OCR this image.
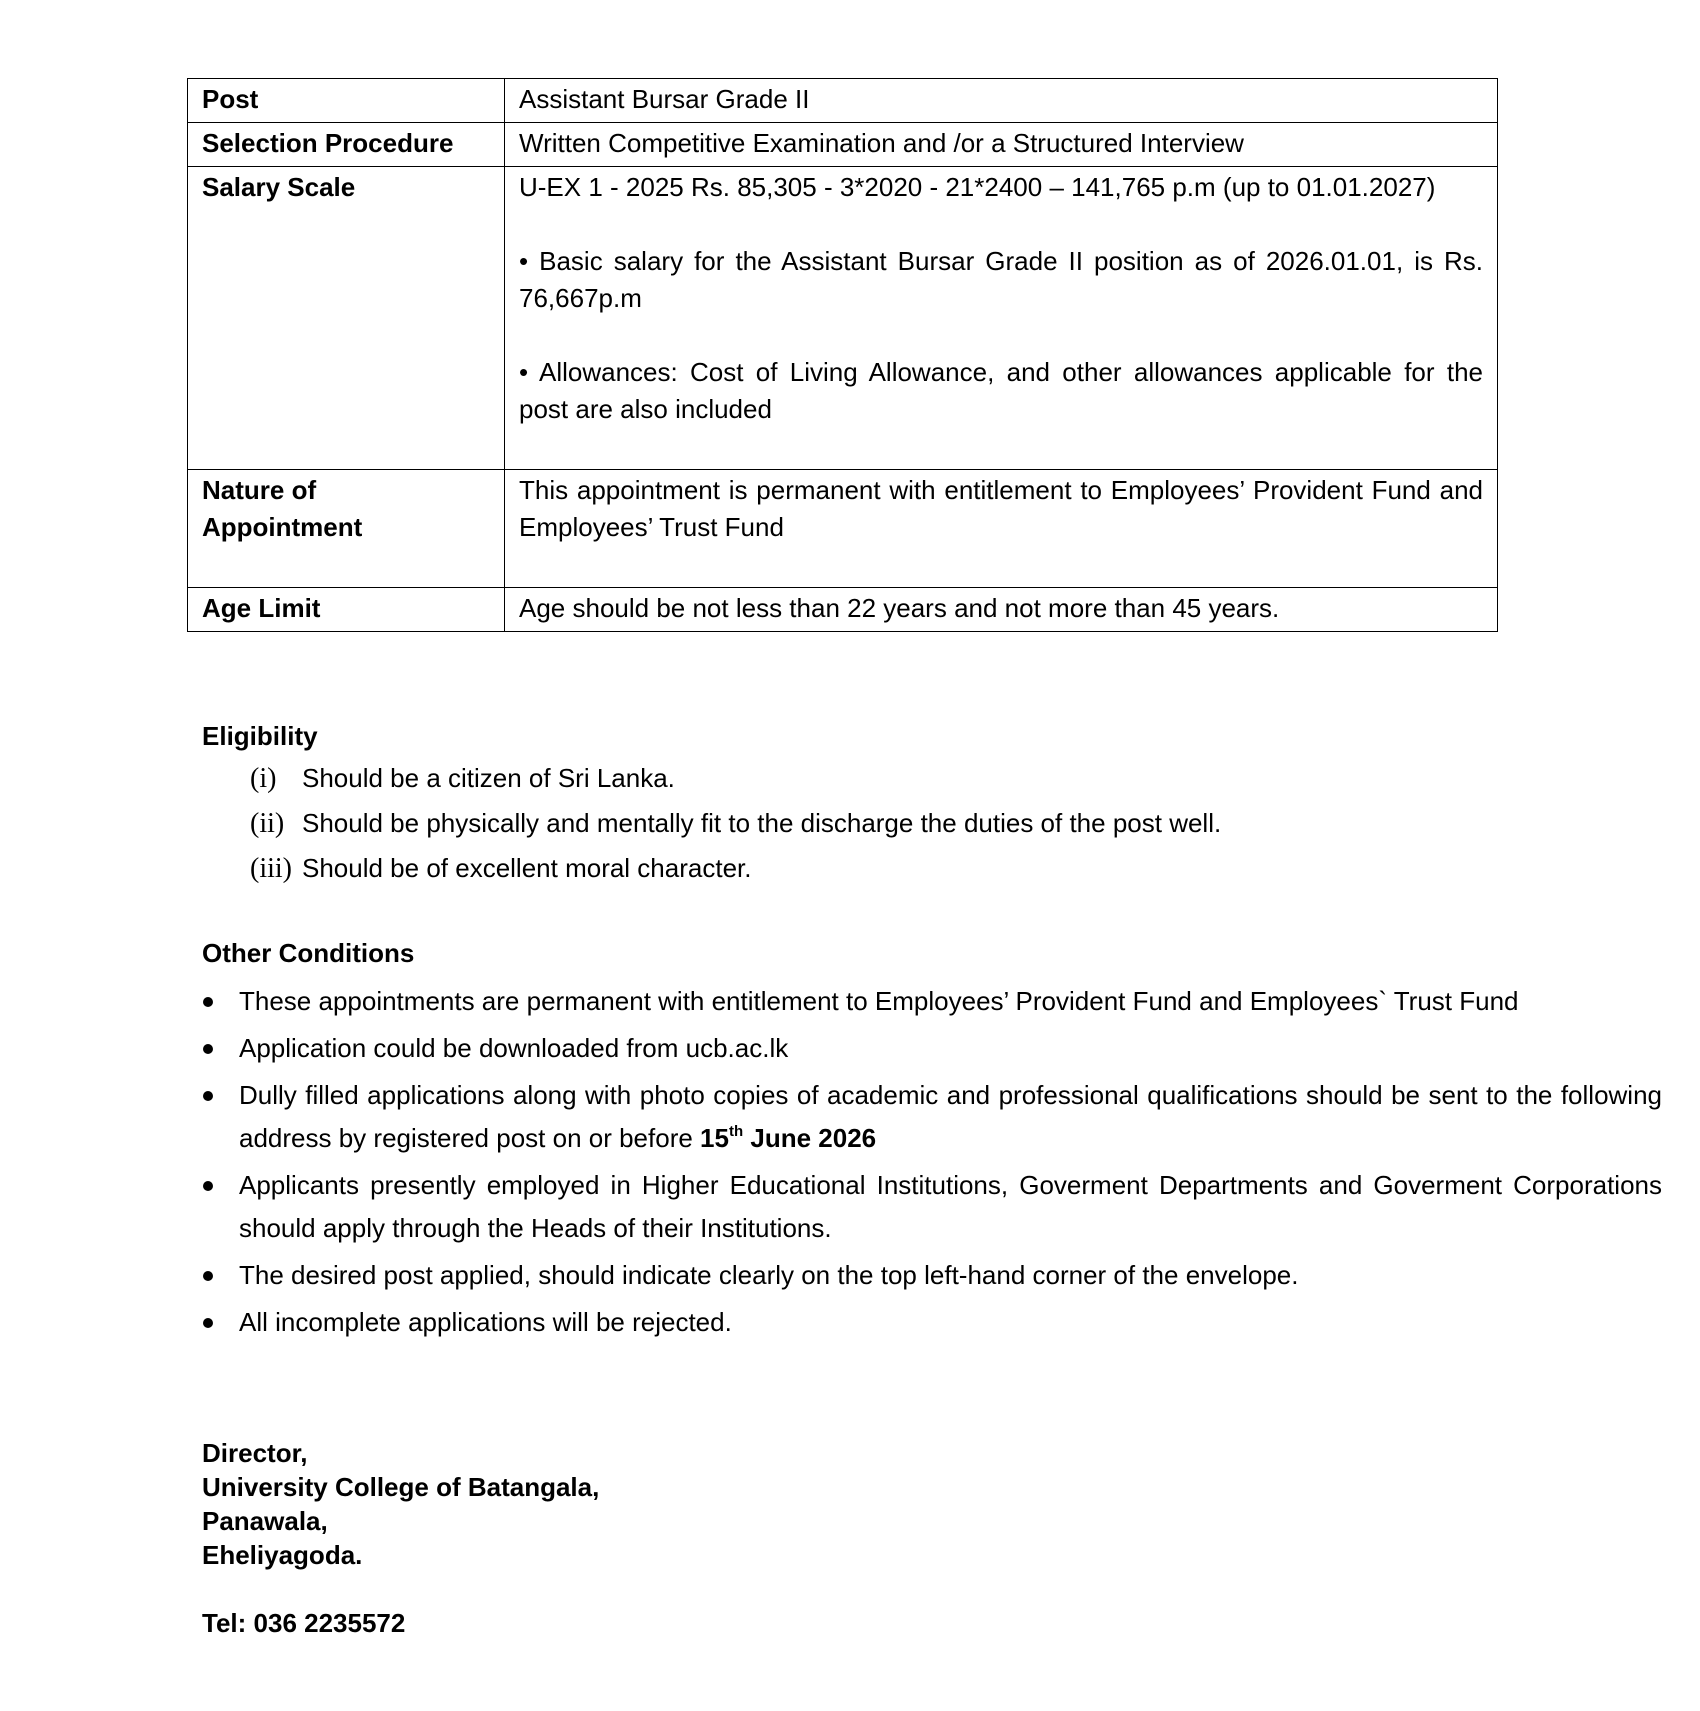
Post	Assistant Bursar Grade II
Selection Procedure	Written Competitive Examination and /or a Structured Interview
Salary Scale	U-EX 1 - 2025 Rs. 85,305 - 3*2020 - 21*2400 – 141,765 p.m (up to 01.01.2027)

• Basic salary for the Assistant Bursar Grade II position as of 2026.01.01, is Rs. 76,667p.m

• Allowances: Cost of Living Allowance, and other allowances applicable for the post are also included

Nature of
Appointment	This appointment is permanent with entitlement to Employees’ Provident Fund and Employees’ Trust Fund
Age Limit	Age should be not less than 22 years and not more than 45 years.
Eligibility
(i) Should be a citizen of Sri Lanka.
(ii) Should be physically and mentally fit to the discharge the duties of the post well.
(iii) Should be of excellent moral character.
Other Conditions
These appointments are permanent with entitlement to Employees’ Provident Fund and Employees` Trust Fund
Application could be downloaded from ucb.ac.lk
Dully filled applications along with photo copies of academic and professional qualifications should be sent to the following address by registered post on or before 15th June 2026
Applicants presently employed in Higher Educational Institutions, Goverment Departments and Goverment Corporations should apply through the Heads of their Institutions.
The desired post applied, should indicate clearly on the top left-hand corner of the envelope.
All incomplete applications will be rejected.
Director,
University College of Batangala,
Panawala,
Eheliyagoda.
Tel: 036 2235572
